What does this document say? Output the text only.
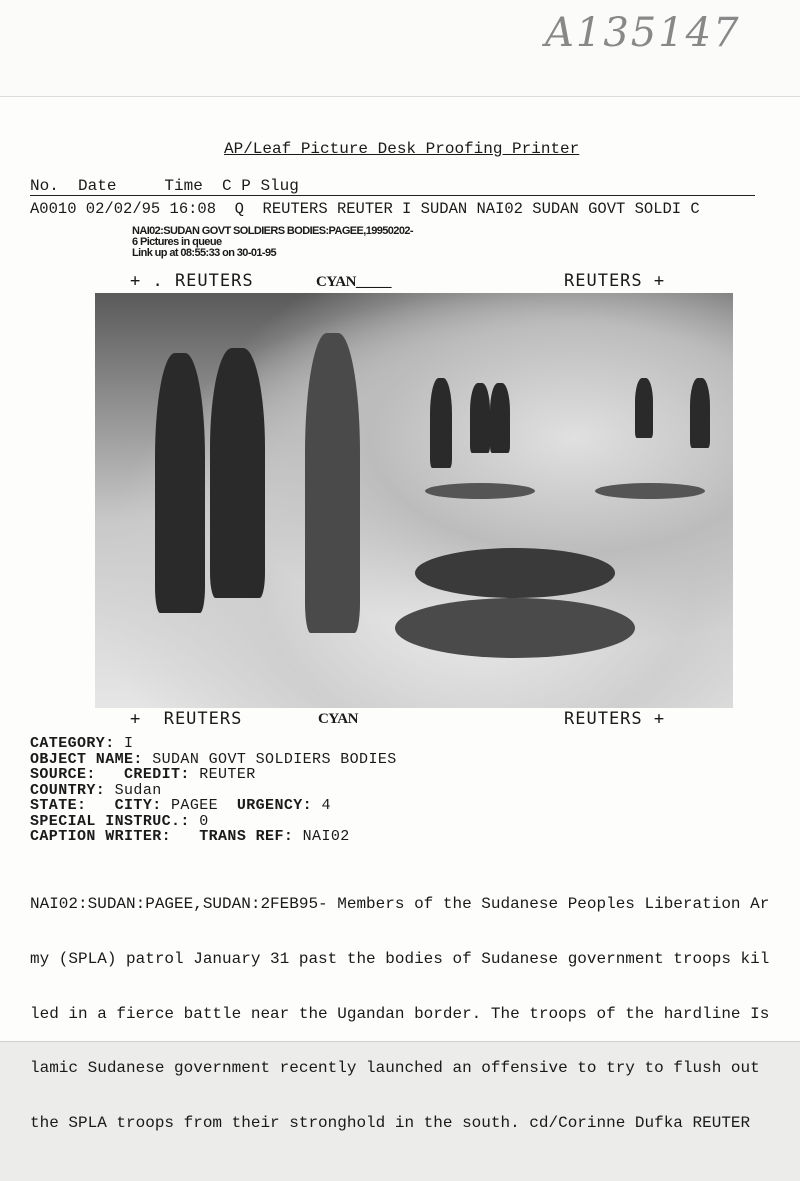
A135147
AP/Leaf Picture Desk Proofing Printer
No.  Date     Time  C P Slug
A0010 02/02/95 16:08  Q  REUTERS REUTER I SUDAN NAI02 SUDAN GOVT SOLDI C
NAI02:SUDAN GOVT SOLDIERS BODIES:PAGEE,19950202-
6 Pictures in queue
Link up at 08:55:33 on 30-01-95
+ . REUTERS	CYAN_____	REUTERS +
+  REUTERS	CYAN	REUTERS +
CATEGORY: I
OBJECT NAME: SUDAN GOVT SOLDIERS BODIES
SOURCE:   CREDIT: REUTER
COUNTRY: Sudan
STATE:   CITY: PAGEE  URGENCY: 4
SPECIAL INSTRUC.: 0
CAPTION WRITER:   TRANS REF: NAI02

NAI02:SUDAN:PAGEE,SUDAN:2FEB95- Members of the Sudanese Peoples Liberation Ar

my (SPLA) patrol January 31 past the bodies of Sudanese government troops kil

led in a fierce battle near the Ugandan border. The troops of the hardline Is

lamic Sudanese government recently launched an offensive to try to flush out

the SPLA troops from their stronghold in the south. cd/Corinne Dufka REUTER
